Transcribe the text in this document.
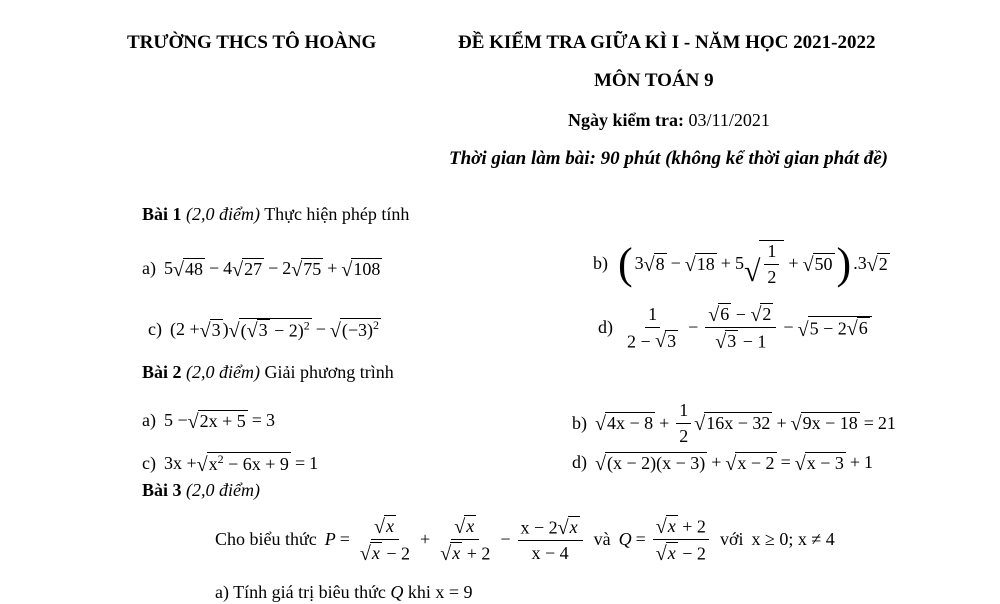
TRƯỜNG THCS TÔ HOÀNG	ĐỀ KIỂM TRA GIỮA KÌ I - NĂM HỌC 2021-2022
MÔN TOÁN 9
Ngày kiểm tra: 03/11/2021
Thời gian làm bài: 90 phút (không kể thời gian phát đề)
Bài 1 (2,0 điểm) Thực hiện phép tính
a) 5 √ 48 − 4 √ 27 − 2 √ 75 + √ 108	b) ( 3 √ 8 − √ 18 + 5 √ $\frac{1}{2}$ + √ 50 ) .3 √ 2
c) (2 + √ 3 ) √ ( √ 3 − 2)$^2$ − √ $(-3)^2$	$d) \frac{1}{2 - √ 3} - \frac{√ 6 - √ 2}{√ 3 - 1}$ − √ 5 − 2 √ 6
Bài 2 (2,0 điểm) Giải phương trình
a) 5 − √ 2x + 5 = 3	b) √ $4x - 8 + \frac{1}{2}$ √ 16x − 32 + √ 9x − 18 = 21
c) 3x + √ $x^2 - 6x + 9 = 1$	d) √ (x − 2)(x − 3) + √ x − 2 = √ x − 3 + 1
Bài 3 (2,0 điểm)
Cho biểu thức $P = \frac{√ x}{√ x - 2} + \frac{√ x}{√ x + 2} - \frac{x - 2 √ x}{x - 4}$ và $Q = \frac{√ x + 2}{√ x - 2}$ với x ≥ 0; x ≠ 4
a) Tính giá trị biêu thức Q khi x = 9
